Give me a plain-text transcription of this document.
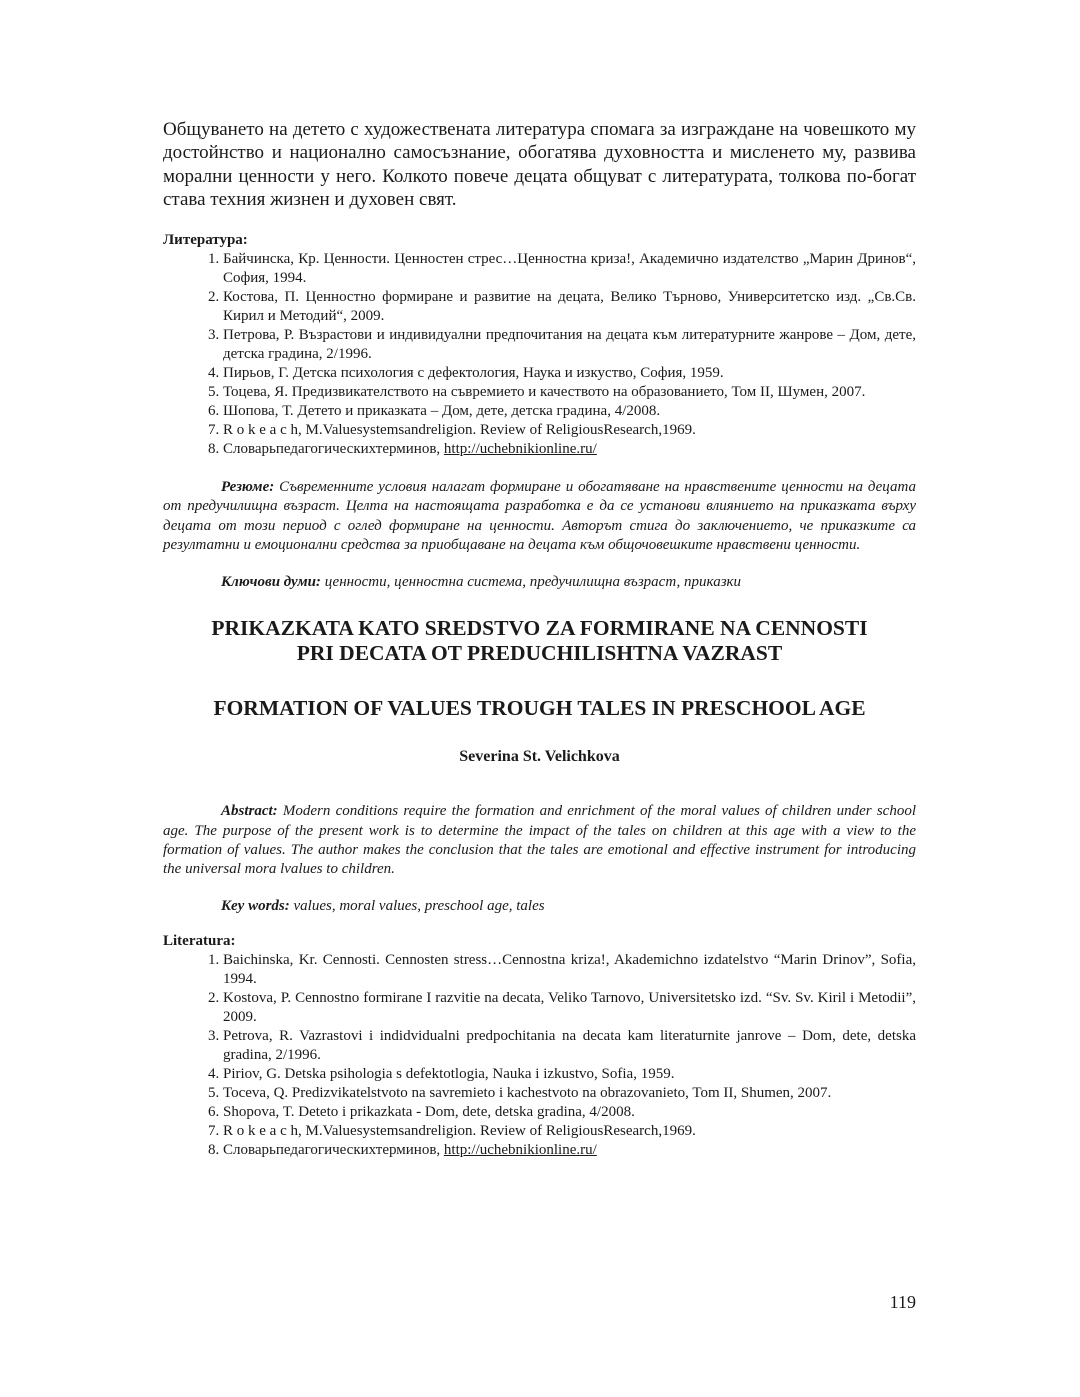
Общуването на детето с художествената литература спомага за изграждане на човешкото му достойнство и национално самосъзнание, обогатява духовността и мисленето му, развива морални ценности у него. Колкото повече децата общуват с литературата, толкова по-богат става техния жизнен и духовен свят.

Литература:
1. Байчинска, Кр. Ценности. Ценностен стрес…Ценностна криза!, Академично издателство „Марин Дринов“, София, 1994.
2. Костова, П. Ценностно формиране и развитие на децата, Велико Търново, Университетско изд. „Св.Св. Кирил и Методий“, 2009.
3. Петрова, Р. Възрастови и индивидуални предпочитания на децата към литературните жанрове – Дом, дете, детска градина, 2/1996.
4. Пирьов, Г. Детска психология с дефектология, Наука и изкуство, София, 1959.
5. Тоцева, Я. Предизвикателството на съвремието и качеството на образованието, Том ІІ, Шумен, 2007.
6. Шопова, Т. Детето и приказката – Дом, дете, детска градина, 4/2008.
7. R o k e a c h, M.Valuesystemsandreligion. Review of ReligiousResearch,1969.
8. Словарьпедагогическихтерминов, http://uchebnikionline.ru/

Резюме: Съвременните условия налагат формиране и обогатяване на нравствените ценности на децата от предучилищна възраст. Целта на настоящата разработка е да се установи влиянието на приказката върху децата от този период с оглед формиране на ценности. Авторът стига до заключението, че приказките са резултатни и емоционални средства за приобщаване на децата към общочовешките нравствени ценности.

Ключови думи: ценности, ценностна система, предучилищна възраст, приказки
PRIKAZKATA KATO SREDSTVO ZA FORMIRANE NA CENNOSTI
PRI DECATA OT PREDUCHILISHTNA VAZRAST
FORMATION OF VALUES TROUGH TALES IN PRESCHOOL AGE
Severina St. Velichkova

Abstract: Modern conditions require the formation and enrichment of the moral values of children under school age. The purpose of the present work is to determine the impact of the tales on children at this age with a view to the formation of values. The author makes the conclusion that the tales are emotional and effective instrument for introducing the universal mora lvalues to children.

Key words: values, moral values, preschool age, tales
Literatura:
1. Baichinska, Kr. Cennosti. Cennosten stress…Cennostna kriza!, Akademichno izdatelstvo “Marin Drinov”, Sofia, 1994.
2. Kostova, P. Cennostno formirane I razvitie na decata, Veliko Tarnovo, Universitetsko izd. “Sv. Sv. Kiril i Metodii”, 2009.
3. Petrova, R. Vazrastovi i indidvidualni predpochitania na decata kam literaturnite janrove – Dom, dete, detska gradina, 2/1996.
4. Piriov, G. Detska psihologia s defektotlogia, Nauka i izkustvo, Sofia, 1959.
5. Toceva, Q. Predizvikatelstvoto na savremieto i kachestvoto na obrazovanieto, Tom II, Shumen, 2007.
6. Shopova, T. Deteto i prikazkata - Dom, dete, detska gradina, 4/2008.
7. R o k e a c h, M.Valuesystemsandreligion. Review of ReligiousResearch,1969.
8. Словарьпедагогическихтерминов, http://uchebnikionline.ru/
119
